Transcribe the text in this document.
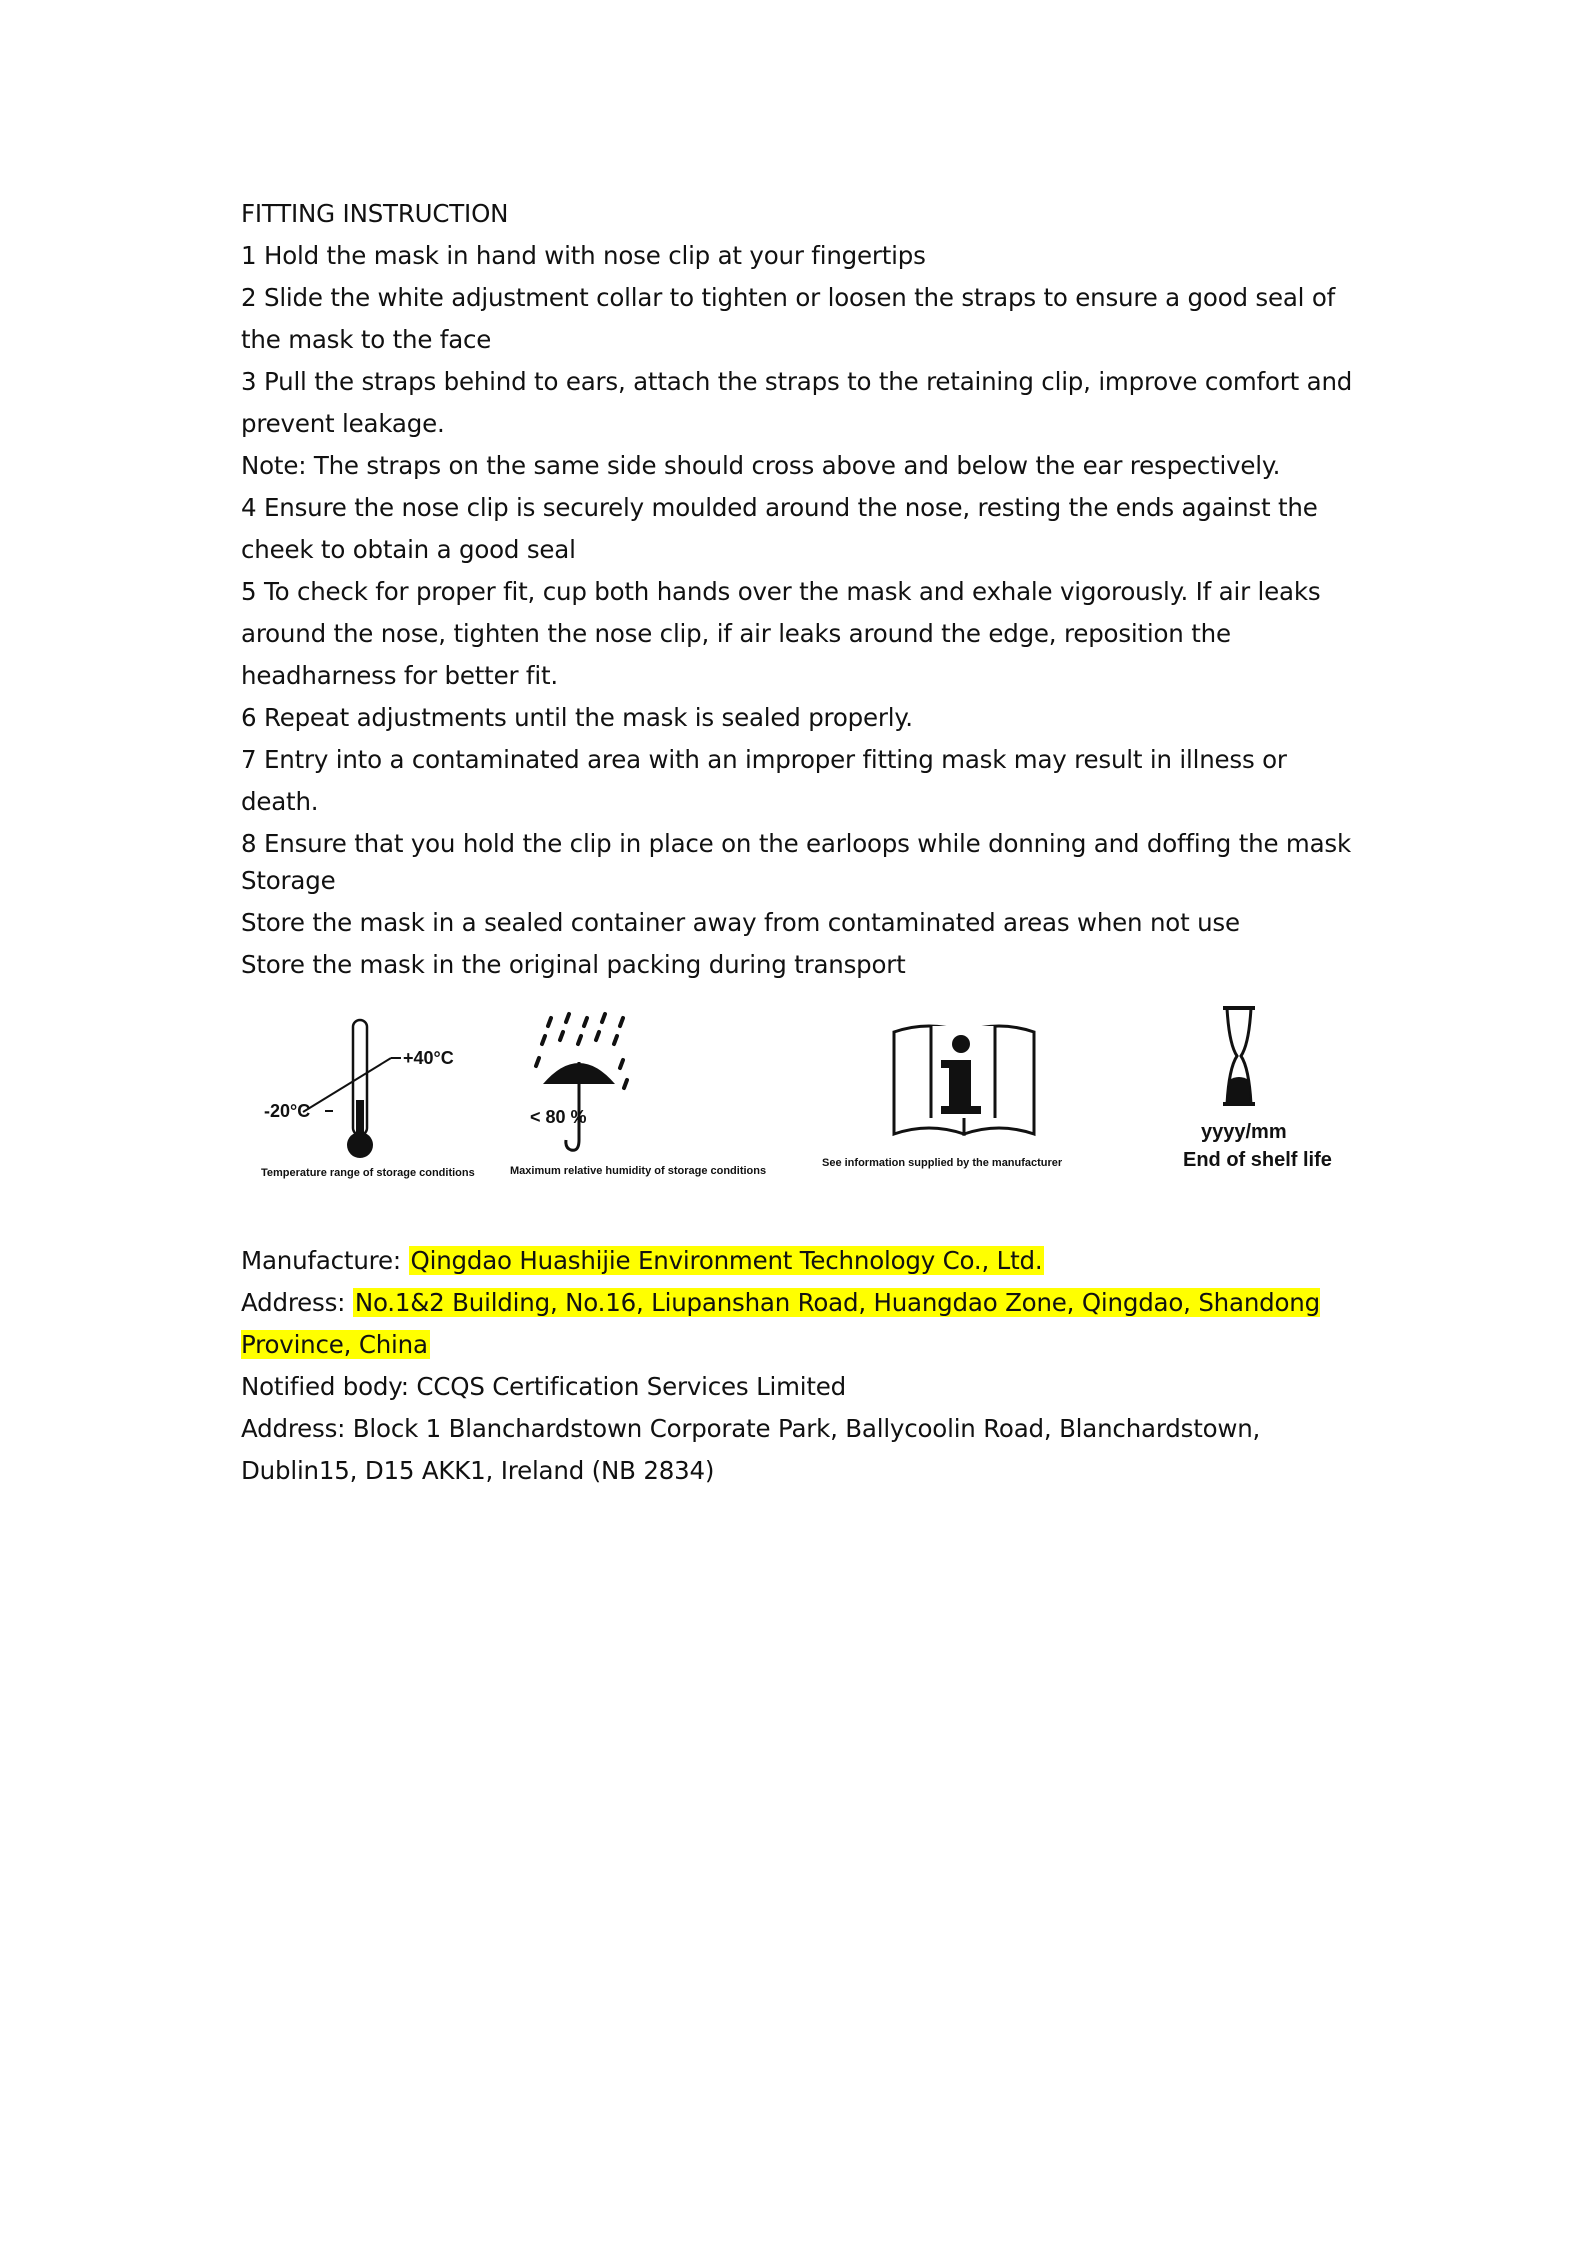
FITTING INSTRUCTION

1 Hold the mask in hand with nose clip at your fingertips

2 Slide the white adjustment collar to tighten or loosen the straps to ensure a good seal of the mask to the face

3 Pull the straps behind to ears, attach the straps to the retaining clip, improve comfort and prevent leakage.

Note: The straps on the same side should cross above and below the ear respectively.

4 Ensure the nose clip is securely moulded around the nose, resting the ends against the cheek to obtain a good seal

5 To check for proper fit, cup both hands over the mask and exhale vigorously. If air leaks around the nose, tighten the nose clip, if air leaks around the edge, reposition the headharness for better fit.

6 Repeat adjustments until the mask is sealed properly.

7 Entry into a contaminated area with an improper fitting mask may result in illness or death.

8 Ensure that you hold the clip in place on the earloops while donning and doffing the mask

Storage

Store the mask in a sealed container away from contaminated areas when not use

Store the mask in the original packing during transport

+40°C
-20°C
Temperature range of storage conditions
< 80 %
Maximum relative humidity of storage conditions
See information supplied by the manufacturer
yyyy/mm
End of shelf life

Manufacture: Qingdao Huashijie Environment Technology Co., Ltd.

Address: No.1&2 Building, No.16, Liupanshan Road, Huangdao Zone, Qingdao, Shandong Province, China

Notified body: CCQS Certification Services Limited

Address: Block 1 Blanchardstown Corporate Park, Ballycoolin Road, Blanchardstown, Dublin15, D15 AKK1, Ireland (NB 2834)
